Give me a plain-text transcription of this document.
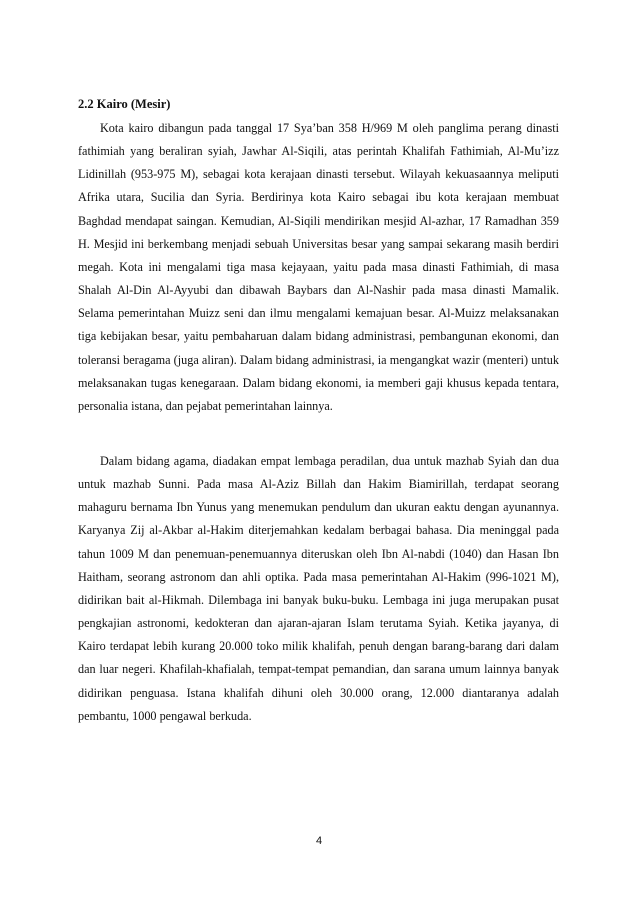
2.2 Kairo (Mesir)

Kota kairo dibangun pada tanggal 17 Sya’ban 358 H/969 M oleh panglima perang dinasti fathimiah yang beraliran syiah, Jawhar Al-Siqili, atas perintah Khalifah Fathimiah, Al-Mu’izz Lidinillah (953-975 M), sebagai kota kerajaan dinasti tersebut. Wilayah kekuasaannya meliputi Afrika utara, Sucilia dan Syria. Berdirinya kota Kairo sebagai ibu kota kerajaan membuat Baghdad mendapat saingan. Kemudian, Al-Siqili mendirikan mesjid Al-azhar, 17 Ramadhan 359 H. Mesjid ini berkembang menjadi sebuah Universitas besar yang sampai sekarang masih berdiri megah. Kota ini mengalami tiga masa kejayaan, yaitu pada masa dinasti Fathimiah, di masa Shalah Al-Din Al-Ayyubi dan dibawah Baybars dan Al-Nashir pada masa dinasti Mamalik. Selama pemerintahan Muizz seni dan ilmu mengalami kemajuan besar. Al-Muizz melaksanakan tiga kebijakan besar, yaitu pembaharuan dalam bidang administrasi, pembangunan ekonomi, dan toleransi beragama (juga aliran). Dalam bidang administrasi, ia mengangkat wazir (menteri) untuk melaksanakan tugas kenegaraan. Dalam bidang ekonomi, ia memberi gaji khusus kepada tentara, personalia istana, dan pejabat pemerintahan lainnya.

Dalam bidang agama, diadakan empat lembaga peradilan, dua untuk mazhab Syiah dan dua untuk mazhab Sunni. Pada masa Al-Aziz Billah dan Hakim Biamirillah, terdapat seorang mahaguru bernama Ibn Yunus yang menemukan pendulum dan ukuran eaktu dengan ayunannya. Karyanya Zij al-Akbar al-Hakim diterjemahkan kedalam berbagai bahasa. Dia meninggal pada tahun 1009 M dan penemuan-penemuannya diteruskan oleh Ibn Al-nabdi (1040) dan Hasan Ibn Haitham, seorang astronom dan ahli optika. Pada masa pemerintahan Al-Hakim (996-1021 M), didirikan bait al-Hikmah. Dilembaga ini banyak buku-buku. Lembaga ini juga merupakan pusat pengkajian astronomi, kedokteran dan ajaran-ajaran Islam terutama Syiah. Ketika jayanya, di Kairo terdapat lebih kurang 20.000 toko milik khalifah, penuh dengan barang-barang dari dalam dan luar negeri. Khafilah-khafialah, tempat-tempat pemandian, dan sarana umum lainnya banyak didirikan penguasa. Istana khalifah dihuni oleh 30.000 orang, 12.000 diantaranya adalah pembantu, 1000 pengawal berkuda.

4
